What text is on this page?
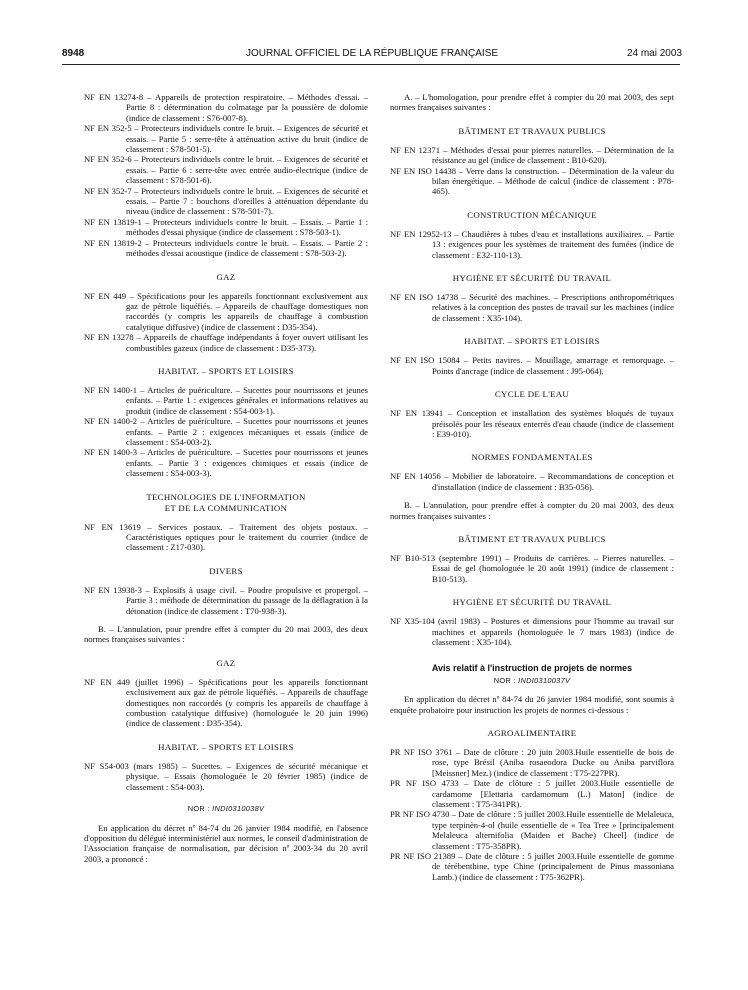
8948	JOURNAL OFFICIEL DE LA RÉPUBLIQUE FRANÇAISE	24 mai 2003

NF EN 13274-8 – Appareils de protection respiratoire. – Méthodes d'essai. – Partie 8 : détermination du colmatage par la poussière de dolomie (indice de classement : S76-007-8).

NF EN 352-5 – Protecteurs individuels contre le bruit. – Exigences de sécurité et essais. – Partie 5 : serre-tête à atténuation active du bruit (indice de classement : S78-501-5).

NF EN 352-6 – Protecteurs individuels contre le bruit. – Exigences de sécurité et essais. – Partie 6 : serre-tête avec entrée audio-électrique (indice de classement : S78-501-6).

NF EN 352-7 – Protecteurs individuels contre le bruit. – Exigences de sécurité et essais. – Partie 7 : bouchons d'oreilles à atténuation dépendante du niveau (indice de classement : S78-501-7).

NF EN 13819-1 – Protecteurs individuels contre le bruit. – Essais. – Partie 1 : méthodes d'essai physique (indice de classement : S78-503-1).

NF EN 13819-2 – Protecteurs individuels contre le bruit. – Essais. – Partie 2 : méthodes d'essai acoustique (indice de classement : S78-503-2).

GAZ

NF EN 449 – Spécifications pour les appareils fonctionnant exclusivement aux gaz de pétrole liquéfiés. – Appareils de chauffage domestiques non raccordés (y compris les appareils de chauffage à combustion catalytique diffusive) (indice de classement : D35-354).

NF EN 13278 – Appareils de chauffage indépendants à foyer ouvert utilisant les combustibles gazeux (indice de classement : D35-373).

HABITAT. – SPORTS ET LOISIRS

NF EN 1400-1 – Articles de puériculture. – Sucettes pour nourrissons et jeunes enfants. – Partie 1 : exigences générales et informations relatives au produit (indice de classement : S54-003-1).

NF EN 1400-2 – Articles de puériculture. – Sucettes pour nourrissons et jeunes enfants. – Partie 2 : exigences mécaniques et essais (indice de classement : S54-003-2).

NF EN 1400-3 – Articles de puériculture. – Sucettes pour nourrissons et jeunes enfants. – Partie 3 : exigences chimiques et essais (indice de classement : S54-003-3).

TECHNOLOGIES DE L'INFORMATION
ET DE LA COMMUNICATION

NF EN 13619 – Services postaux. – Traitement des objets postaux. – Caractéristiques optiques pour le traitement du courrier (indice de classement : Z17-030).

DIVERS

NF EN 13938-3 – Explosifs à usage civil. – Poudre propulsive et propergol. – Partie 3 : méthode de détermination du passage de la déflagration à la détonation (indice de classement : T70-938-3).

B. – L'annulation, pour prendre effet à compter du 20 mai 2003, des deux normes françaises suivantes :

GAZ

NF EN 449 (juillet 1996) – Spécifications pour les appareils fonctionnant exclusivement aux gaz de pétrole liquéfiés. – Appareils de chauffage domestiques non raccordés (y compris les appareils de chauffage à combustion catalytique diffusive) (homologuée le 20 juin 1996) (indice de classement : D35-354).

HABITAT. – SPORTS ET LOISIRS

NF S54-003 (mars 1985) – Sucettes. – Exigences de sécurité mécanique et physique. – Essais (homologuée le 20 février 1985) (indice de classement : S54-003).

NOR : INDI0310038V

En application du décret nº 84-74 du 26 janvier 1984 modifié, en l'absence d'opposition du délégué interministériel aux normes, le conseil d'administration de l'Association française de normalisation, par décision nº 2003-34 du 20 avril 2003, a prononcé :

A. – L'homologation, pour prendre effet à compter du 20 mai 2003, des sept normes françaises suivantes :

BÂTIMENT ET TRAVAUX PUBLICS

NF EN 12371 – Méthodes d'essai pour pierres naturelles. – Détermination de la résistance au gel (indice de classement : B10-620).

NF EN ISO 14438 – Verre dans la construction. – Détermination de la valeur du bilan énergétique. – Méthode de calcul (indice de classement : P78-465).

CONSTRUCTION MÉCANIQUE

NF EN 12952-13 – Chaudières à tubes d'eau et installations auxiliaires. – Partie 13 : exigences pour les systèmes de traitement des fumées (indice de classement : E32-110-13).

HYGIÈNE ET SÉCURITÉ DU TRAVAIL

NF EN ISO 14738 – Sécurité des machines. – Prescriptions anthropométriques relatives à la conception des postes de travail sur les machines (indice de classement : X35-104).

HABITAT. – SPORTS ET LOISIRS

NF EN ISO 15084 – Petits navires. – Mouillage, amarrage et remorquage. – Points d'ancrage (indice de classement : J95-064).

CYCLE DE L'EAU

NF EN 13941 – Conception et installation des systèmes bloqués de tuyaux préisolés pour les réseaux enterrés d'eau chaude (indice de classement : E39-010).

NORMES FONDAMENTALES

NF EN 14056 – Mobilier de laboratoire. – Recommandations de conception et d'installation (indice de classement : B35-056).

B. – L'annulation, pour prendre effet à compter du 20 mai 2003, des deux normes françaises suivantes :

BÂTIMENT ET TRAVAUX PUBLICS

NF B10-513 (septembre 1991) – Produits de carrières. – Pierres naturelles. – Essai de gel (homologuée le 20 août 1991) (indice de classement : B10-513).

HYGIÈNE ET SÉCURITÉ DU TRAVAIL

NF X35-104 (avril 1983) – Postures et dimensions pour l'homme au travail sur machines et appareils (homologuée le 7 mars 1983) (indice de classement : X35-104).

Avis relatif à l'instruction de projets de normes
NOR : INDI0310037V

En application du décret nº 84-74 du 26 janvier 1984 modifié, sont soumis à enquête probatoire pour instruction les projets de normes ci-dessous :

AGROALIMENTAIRE

PR NF ISO 3761 – Date de clôture : 20 juin 2003.Huile essentielle de bois de rose, type Brésil (Aniba rosaeodora Ducke ou Aniba parviflora [Meissner] Mez.) (indice de classement : T75-227PR).

PR NF ISO 4733 – Date de clôture : 5 juillet 2003.Huile essentielle de cardamome [Elettaria cardamomum (L.) Maton] (indice de classement : T75-341PR).

PR NF ISO 4730 – Date de clôture : 5 juillet 2003.Huile essentielle de Melaleuca, type terpinèn-4-ol (huile essentielle de « Tea Tree » [principalement Melaleuca alternifolia (Maiden et Bache) Cheel] (indice de classement : T75-358PR).

PR NF ISO 21389 – Date de clôture : 5 juillet 2003.Huile essentielle de gomme de térébenthine, type Chine (principalement de Pinus massoniana Lamb.) (indice de classement : T75-362PR).
